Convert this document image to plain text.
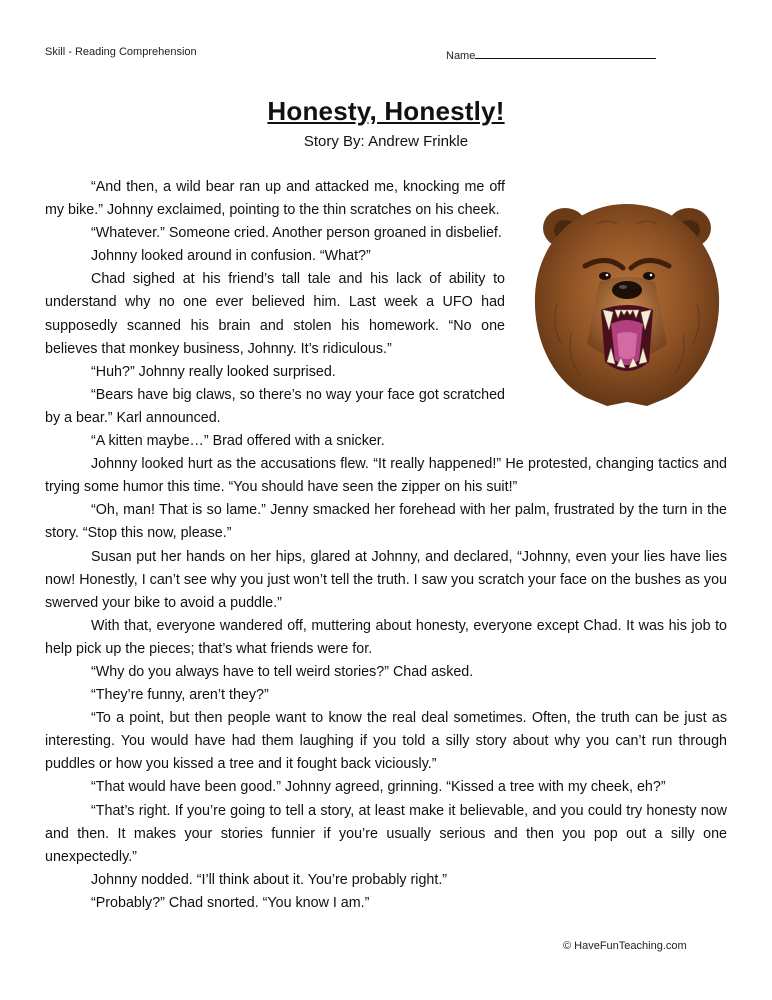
Skill - Reading Comprehension	Name
Honesty, Honestly!
Story By: Andrew Frinkle

“And then, a wild bear ran up and attacked me, knocking me off my bike.” Johnny exclaimed, pointing to the thin scratches on his cheek.

“Whatever.” Someone cried. Another person groaned in disbelief.

Johnny looked around in confusion. “What?”

Chad sighed at his friend’s tall tale and his lack of ability to understand why no one ever believed him. Last week a UFO had supposedly scanned his brain and stolen his homework. “No one believes that monkey business, Johnny. It’s ridiculous.”

“Huh?” Johnny really looked surprised.

“Bears have big claws, so there’s no way your face got scratched by a bear.” Karl announced.

“A kitten maybe…” Brad offered with a snicker.

Johnny looked hurt as the accusations flew. “It really happened!” He protested, changing tactics and trying some humor this time. “You should have seen the zipper on his suit!”

“Oh, man! That is so lame.” Jenny smacked her forehead with her palm, frustrated by the turn in the story. “Stop this now, please.”

Susan put her hands on her hips, glared at Johnny, and declared, “Johnny, even your lies have lies now! Honestly, I can’t see why you just won’t tell the truth. I saw you scratch your face on the bushes as you swerved your bike to avoid a puddle.”

With that, everyone wandered off, muttering about honesty, everyone except Chad. It was his job to help pick up the pieces; that’s what friends were for.

“Why do you always have to tell weird stories?” Chad asked.

“They’re funny, aren’t they?”

“To a point, but then people want to know the real deal sometimes. Often, the truth can be just as interesting. You would have had them laughing if you told a silly story about why you can’t run through puddles or how you kissed a tree and it fought back viciously.”

“That would have been good.” Johnny agreed, grinning. “Kissed a tree with my cheek, eh?”

“That’s right. If you’re going to tell a story, at least make it believable, and you could try honesty now and then. It makes your stories funnier if you’re usually serious and then you pop out a silly one unexpectedly.”

Johnny nodded. “I’ll think about it. You’re probably right.”

“Probably?” Chad snorted. “You know I am.”

© HaveFunTeaching.com
